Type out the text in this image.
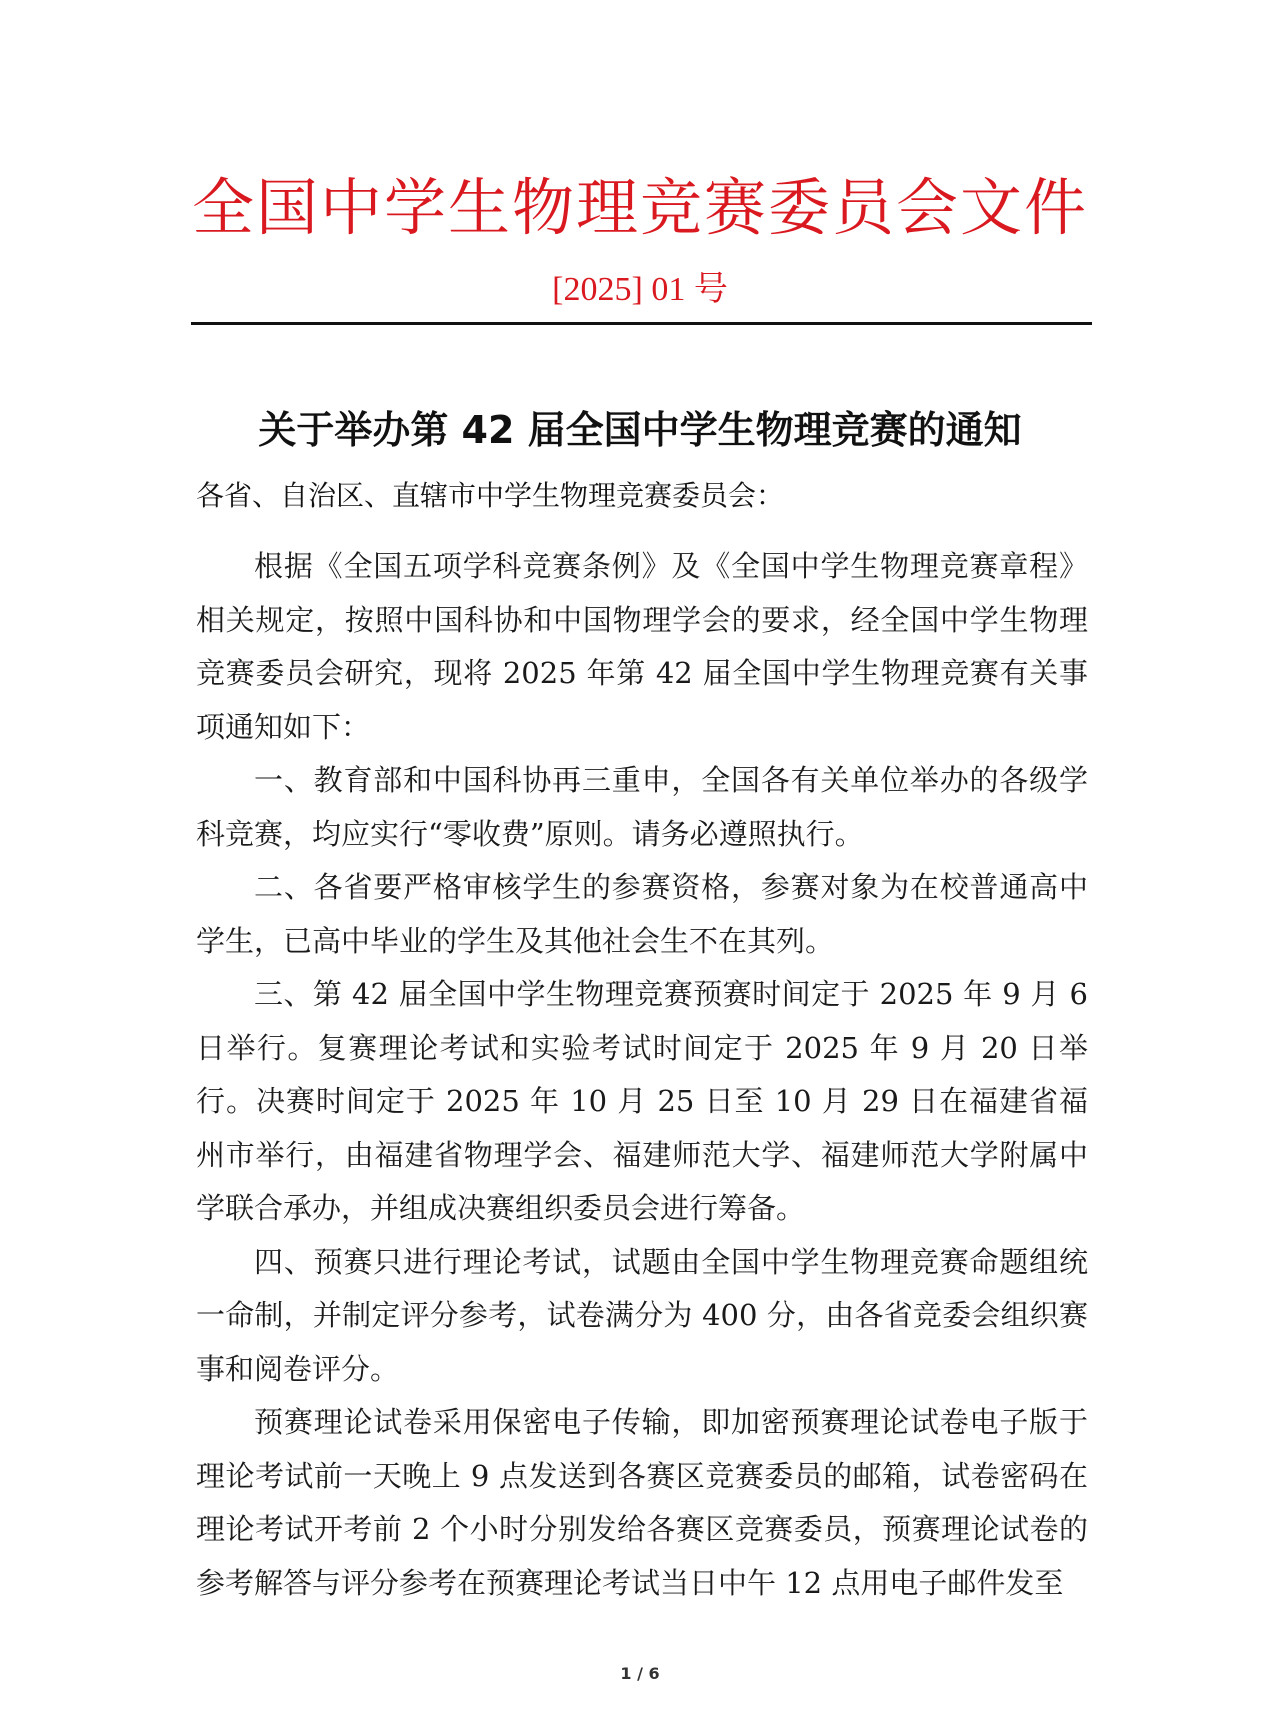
全国中学生物理竞赛委员会文件
[2025] 01 号
关于举办第 42 届全国中学生物理竞赛的通知
各省、自治区、直辖市中学生物理竞赛委员会：

根据《全国五项学科竞赛条例》及《全国中学生物理竞赛章程》相关规定，按照中国科协和中国物理学会的要求，经全国中学生物理竞赛委员会研究，现将 2025 年第 42 届全国中学生物理竞赛有关事项通知如下：

一、教育部和中国科协再三重申，全国各有关单位举办的各级学科竞赛，均应实行“零收费”原则。请务必遵照执行。

二、各省要严格审核学生的参赛资格，参赛对象为在校普通高中学生，已高中毕业的学生及其他社会生不在其列。

三、第 42 届全国中学生物理竞赛预赛时间定于 2025 年 9 月 6 日举行。复赛理论考试和实验考试时间定于 2025 年 9 月 20 日举行。决赛时间定于 2025 年 10 月 25 日至 10 月 29 日在福建省福州市举行，由福建省物理学会、福建师范大学、福建师范大学附属中学联合承办，并组成决赛组织委员会进行筹备。

四、预赛只进行理论考试，试题由全国中学生物理竞赛命题组统一命制，并制定评分参考，试卷满分为 400 分，由各省竞委会组织赛事和阅卷评分。

预赛理论试卷采用保密电子传输，即加密预赛理论试卷电子版于理论考试前一天晚上 9 点发送到各赛区竞赛委员的邮箱，试卷密码在理论考试开考前 2 个小时分别发给各赛区竞赛委员，预赛理论试卷的参考解答与评分参考在预赛理论考试当日中午 12 点用电子邮件发至

1 / 6
